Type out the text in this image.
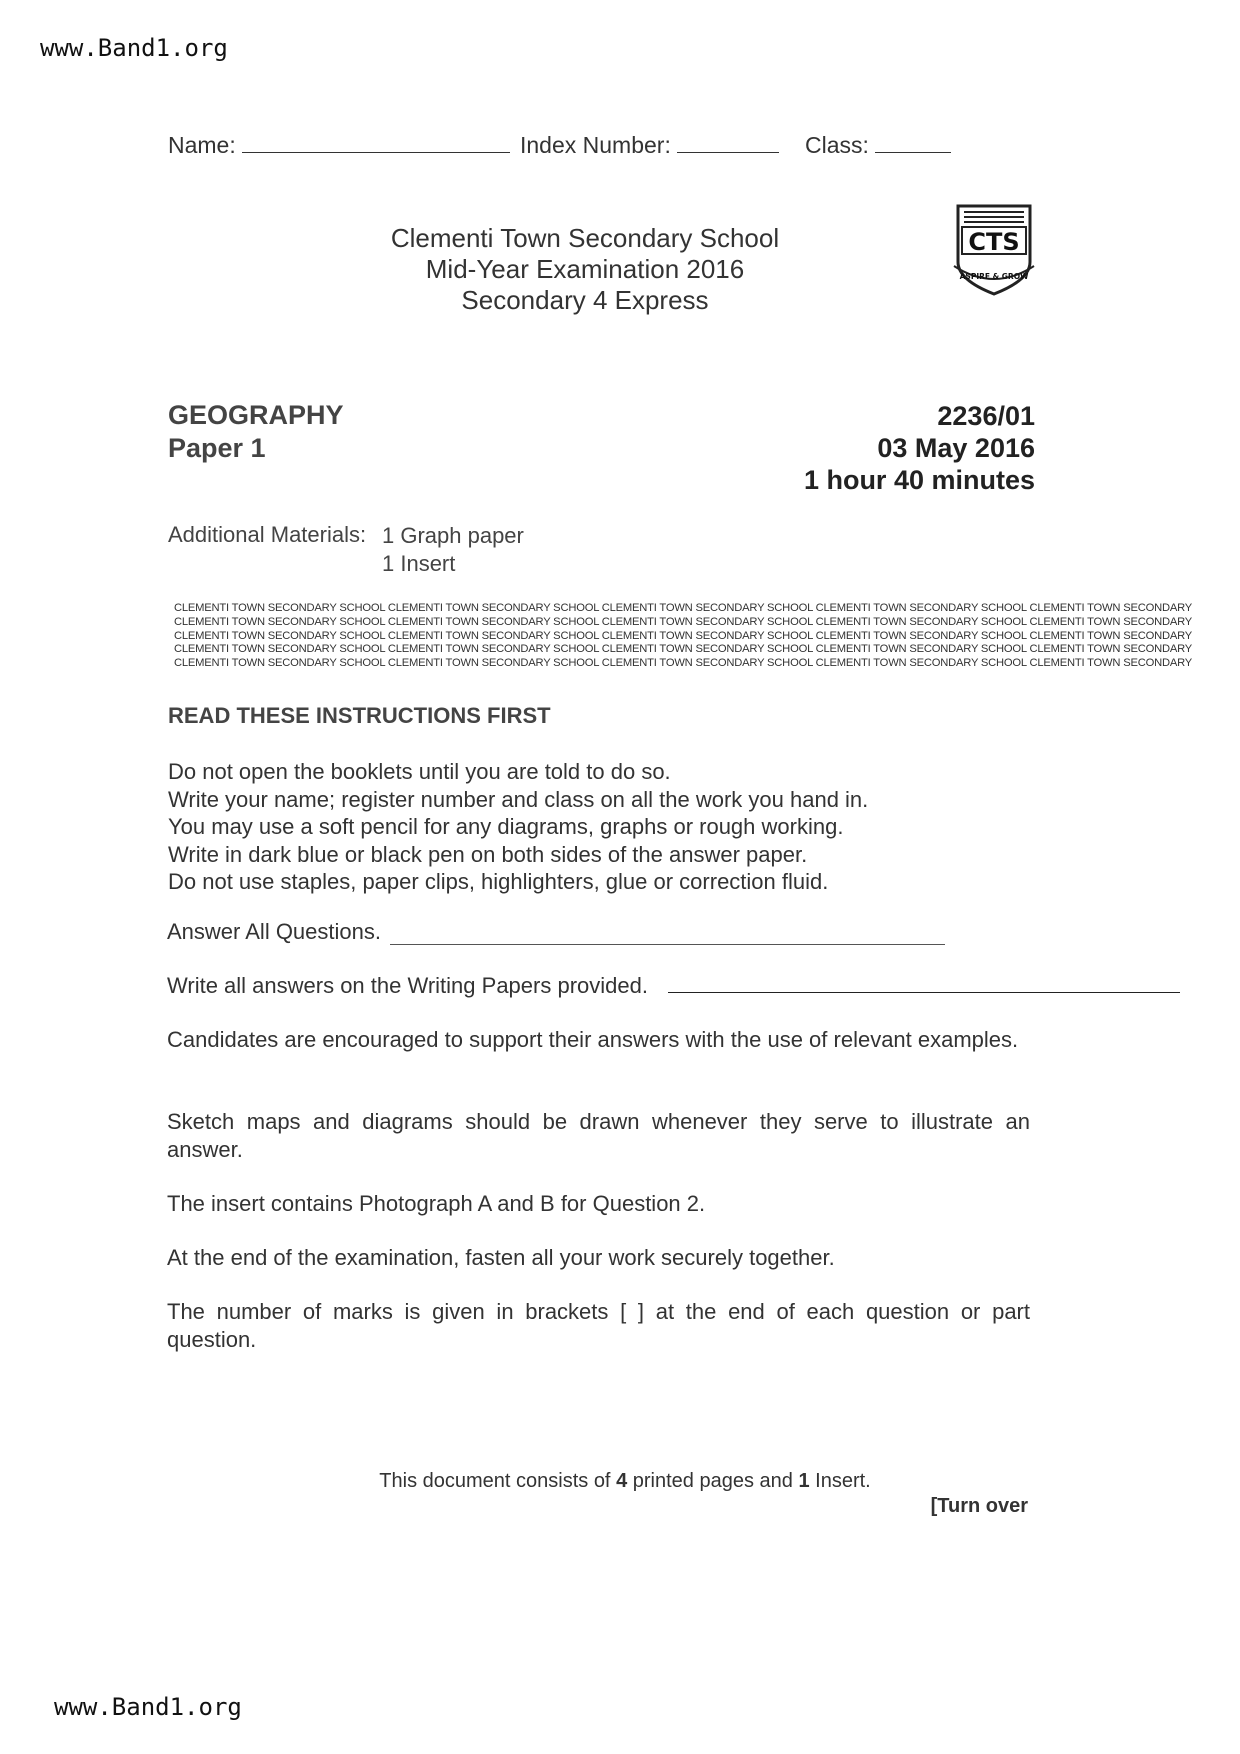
www.Band1.org
www.Band1.org
Name:	Index Number:	Class:
Clementi Town Secondary School
Mid-Year Examination 2016
Secondary 4 Express
CTS
ASPIRE & GROW
GEOGRAPHY
Paper 1
2236/01
03 May 2016
1 hour 40 minutes
Additional Materials: 1 Graph paper
1 Insert
CLEMENTI TOWN SECONDARY SCHOOL CLEMENTI TOWN SECONDARY SCHOOL CLEMENTI TOWN SECONDARY SCHOOL CLEMENTI TOWN SECONDARY SCHOOL CLEMENTI TOWN SECONDARY
CLEMENTI TOWN SECONDARY SCHOOL CLEMENTI TOWN SECONDARY SCHOOL CLEMENTI TOWN SECONDARY SCHOOL CLEMENTI TOWN SECONDARY SCHOOL CLEMENTI TOWN SECONDARY
CLEMENTI TOWN SECONDARY SCHOOL CLEMENTI TOWN SECONDARY SCHOOL CLEMENTI TOWN SECONDARY SCHOOL CLEMENTI TOWN SECONDARY SCHOOL CLEMENTI TOWN SECONDARY
CLEMENTI TOWN SECONDARY SCHOOL CLEMENTI TOWN SECONDARY SCHOOL CLEMENTI TOWN SECONDARY SCHOOL CLEMENTI TOWN SECONDARY SCHOOL CLEMENTI TOWN SECONDARY
CLEMENTI TOWN SECONDARY SCHOOL CLEMENTI TOWN SECONDARY SCHOOL CLEMENTI TOWN SECONDARY SCHOOL CLEMENTI TOWN SECONDARY SCHOOL CLEMENTI TOWN SECONDARY
READ THESE INSTRUCTIONS FIRST
Do not open the booklets until you are told to do so.
Write your name; register number and class on all the work you hand in.
You may use a soft pencil for any diagrams, graphs or rough working.
Write in dark blue or black pen on both sides of the answer paper.
Do not use staples, paper clips, highlighters, glue or correction fluid.
Answer All Questions.
Write all answers on the Writing Papers provided.
Candidates are encouraged to support their answers with the use of relevant examples.
Sketch maps and diagrams should be drawn whenever they serve to illustrate an answer.
The insert contains Photograph A and B for Question 2.
At the end of the examination, fasten all your work securely together.
The number of marks is given in brackets [ ] at the end of each question or part question.
This document consists of 4 printed pages and 1 Insert.
[Turn over
